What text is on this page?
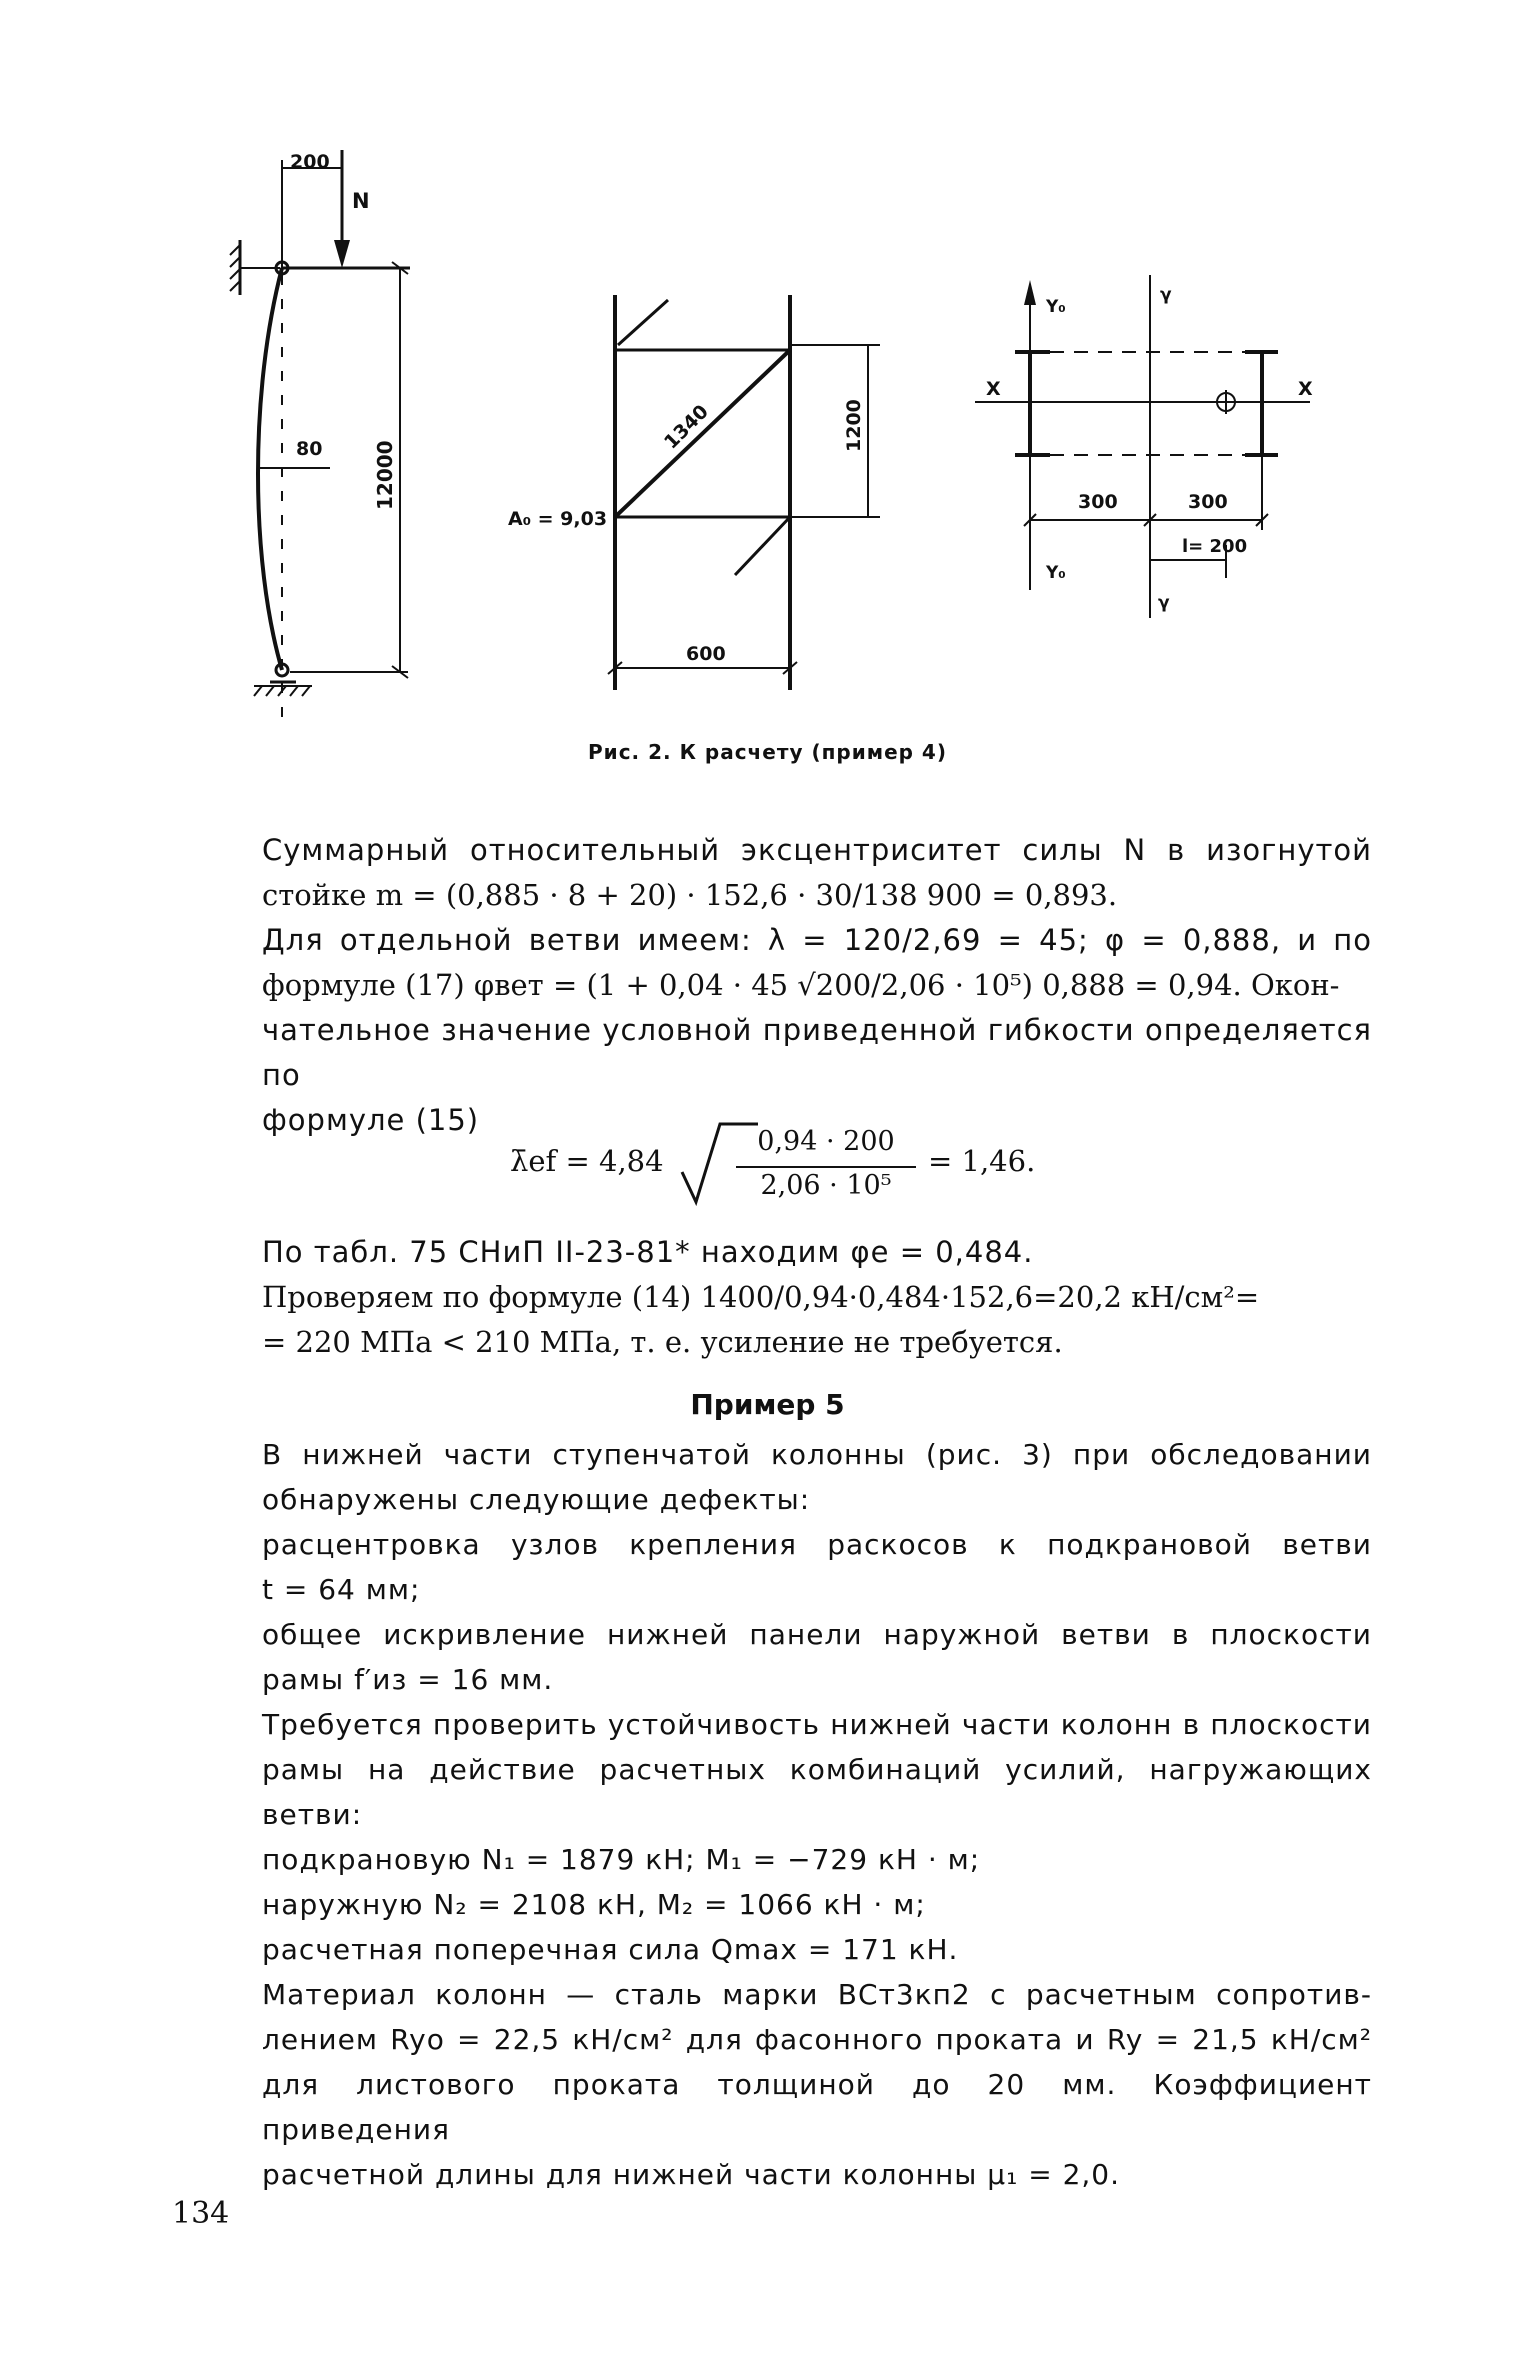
200
N
80	12000
A₀ = 9,03
1340	1200
600
Y₀
Y₀
γ
γ
X	X
300	300
l= 200
Рис. 2. К расчету (пример 4)
Суммарный относительный эксцентриситет силы N в изогнутой
стойке m = (0,885 · 8 + 20) · 152,6 · 30/138 900 = 0,893.
Для отдельной ветви имеем: λ = 120/2,69 = 45; φ = 0,888, и по
формуле (17) φвет = (1 + 0,04 · 45 √200/2,06 · 10⁵) 0,888 = 0,94. Окон-
чательное значение условной приведенной гибкости определяется по
формуле (15)
λ̄ef = 4,84
0,94 · 200
2,06 · 10⁵
= 1,46.
По табл. 75 СНиП II-23-81* находим φe = 0,484.
Проверяем по формуле (14) 1400/0,94·0,484·152,6=20,2 кН/см²=
= 220 МПа < 210 МПа, т. е. усиление не требуется.
Пример 5
В нижней части ступенчатой колонны (рис. 3) при обследовании
обнаружены следующие дефекты:
расцентровка узлов крепления раскосов к подкрановой ветви
t = 64 мм;
общее искривление нижней панели наружной ветви в плоскости
рамы f′из = 16 мм.
Требуется проверить устойчивость нижней части колонн в плоскости
рамы на действие расчетных комбинаций усилий, нагружающих ветви:
подкрановую N₁ = 1879 кН; M₁ = −729 кН · м;
наружную N₂ = 2108 кН, M₂ = 1066 кН · м;
расчетная поперечная сила Qmax = 171 кН.
Материал колонн — сталь марки ВСт3кп2 с расчетным сопротив-
лением Ryo = 22,5 кН/см² для фасонного проката и Ry = 21,5 кН/см²
для листового проката толщиной до 20 мм. Коэффициент приведения
расчетной длины для нижней части колонны μ₁ = 2,0.
134
